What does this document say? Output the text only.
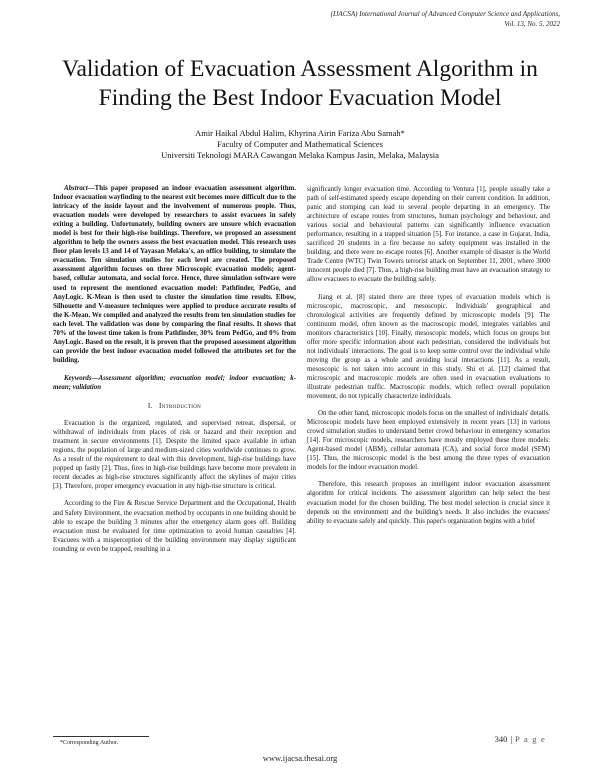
(IJACSA) International Journal of Advanced Computer Science and Applications,
Vol. 13, No. 5, 2022
Validation of Evacuation Assessment Algorithm in
Finding the Best Indoor Evacuation Model
Amir Haikal Abdul Halim, Khyrina Airin Fariza Abu Samah*
Faculty of Computer and Mathematical Sciences
Universiti Teknologi MARA Cawangan Melaka Kampus Jasin, Melaka, Malaysia

Abstract—This paper proposed an indoor evacuation assessment algorithm. Indoor evacuation wayfinding to the nearest exit becomes more difficult due to the intricacy of the inside layout and the involvement of numerous people. Thus, evacuation models were developed by researchers to assist evacuees in safely exiting a building. Unfortunately, building owners are unsure which evacuation model is best for their high-rise buildings. Therefore, we proposed an assessment algorithm to help the owners assess the best evacuation model. This research uses floor plan levels 13 and 14 of Yayasan Melaka's, an office building, to simulate the evacuation. Ten simulation studies for each level are created. The proposed assessment algorithm focuses on three Microscopic evacuation models; agent-based, cellular automata, and social force. Hence, three simulation software were used to represent the mentioned evacuation model: Pathfinder, PedGo, and AnyLogic. K-Mean is then used to cluster the simulation time results. Elbow, Silhouette and V-measure techniques were applied to produce accurate results of the K-Mean. We compiled and analyzed the results from ten simulation studies for each level. The validation was done by comparing the final results. It shows that 70% of the lowest time taken is from Pathfinder, 30% from PedGo, and 0% from AnyLogic. Based on the result, it is proven that the proposed assessment algorithm can provide the best indoor evacuation model followed the attributes set for the building.

Keywords—Assessment algorithm; evacuation model; indoor evacuation; k-mean; validation

I. Introduction

Evacuation is the organized, regulated, and supervised retreat, dispersal, or withdrawal of individuals from places of risk or hazard and their reception and treatment in secure environments [1]. Despite the limited space available in urban regions, the population of large and medium-sized cities worldwide continues to grow. As a result of the requirement to deal with this development, high-rise buildings have popped up fastly [2]. Thus, fires in high-rise buildings have become more prevalent in recent decades as high-rise structures significantly affect the skylines of major cities [3]. Therefore, proper emergency evacuation in any high-rise structure is critical.

According to the Fire & Rescue Service Department and the Occupational, Health and Safety Environment, the evacuation method by occupants in one building should be able to escape the building 3 minutes after the emergency alarm goes off. Building evacuation must be evaluated for time optimization to avoid human casualties [4]. Evacuees with a misperception of the building environment may display significant rounding or even be trapped, resulting in a

significantly longer evacuation time. According to Ventura [1], people usually take a path of self-estimated speedy escape depending on their current condition. In addition, panic and stomping can lead to several people departing in an emergency. The architecture of escape routes from structures, human psychology and behaviour, and various social and behavioural patterns can significantly influence evacuation performance, resulting in a trapped situation [5]. For instance, a case in Gujarat, India, sacrificed 20 students in a fire because no safety equipment was installed in the building, and there were no escape routes [6]. Another example of disaster is the World Trade Centre (WTC) Twin Towers terrorist attack on September 11, 2001, where 3000 innocent people died [7]. Thus, a high-rise building must have an evacuation strategy to allow evacuees to evacuate the building safely.

Jiang et al. [8] stated there are three types of evacuation models which is microscopic, macroscopic, and mesoscopic. Individuals' geographical and chronological activities are frequently defined by microscopic models [9]. The continuum model, often known as the macroscopic model, integrates variables and monitors characteristics [10]. Finally, mesoscopic models, which focus on groups but offer more specific information about each pedestrian, considered the individuals but not individuals' interactions. The goal is to keep some control over the individual while moving the group as a whole and avoiding local interactions [11]. As a result, mesoscopic is not taken into account in this study. Shi et al. [12] claimed that microscopic and macroscopic models are often used in evacuation evaluations to illustrate pedestrian traffic. Macroscopic models, which reflect overall population movement, do not typically characterize individuals.

On the other hand, microscopic models focus on the smallest of individuals' details. Microscopic models have been employed extensively in recent years [13] in various crowd simulation studies to understand better crowd behaviour in emergency scenarios [14]. For microscopic models, researchers have mostly employed these three models: Agent-based model (ABM), cellular automata (CA), and social force model (SFM) [15]. Thus, the microscopic model is the best among the three types of evacuation models for the indoor evacuation model.

Therefore, this research proposes an intelligent indoor evacuation assessment algorithm for critical incidents. The assessment algorithm can help select the best evacuation model for the chosen building. The best model selection is crucial since it depends on the environment and the building's needs. It also includes the evacuees' ability to evacuate safely and quickly. This paper's organization begins with a brief

*Corresponding Author.	340 | P a g e
www.ijacsa.thesai.org
